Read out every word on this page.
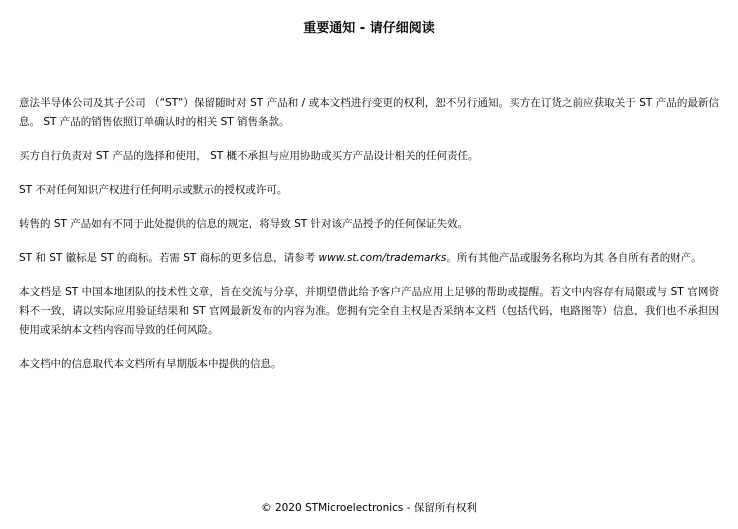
重要通知 - 请仔细阅读

意法半导体公司及其子公司 （“ST”）保留随时对 ST 产品和 / 或本文档进行变更的权利，恕不另行通知。买方在订货之前应获取关于 ST 产品的最新信息。 ST 产品的销售依照订单确认时的相关 ST 销售条款。

买方自行负责对 ST 产品的选择和使用， ST 概不承担与应用协助或买方产品设计相关的任何责任。

ST 不对任何知识产权进行任何明示或默示的授权或许可。

转售的 ST 产品如有不同于此处提供的信息的规定，将导致 ST 针对该产品授予的任何保证失效。

ST 和 ST 徽标是 ST 的商标。若需 ST 商标的更多信息，请参考 www.st.com/trademarks。所有其他产品或服务名称均为其 各自所有者的财产。

本文档是 ST 中国本地团队的技术性文章，旨在交流与分享，并期望借此给予客户产品应用上足够的帮助或提醒。若文中内容存有局限或与 ST 官网资料不一致，请以实际应用验证结果和 ST 官网最新发布的内容为准。您拥有完全自主权是否采纳本文档（包括代码，电路图等）信息，我们也不承担因使用或采纳本文档内容而导致的任何风险。

本文档中的信息取代本文档所有早期版本中提供的信息。

© 2020 STMicroelectronics - 保留所有权利
